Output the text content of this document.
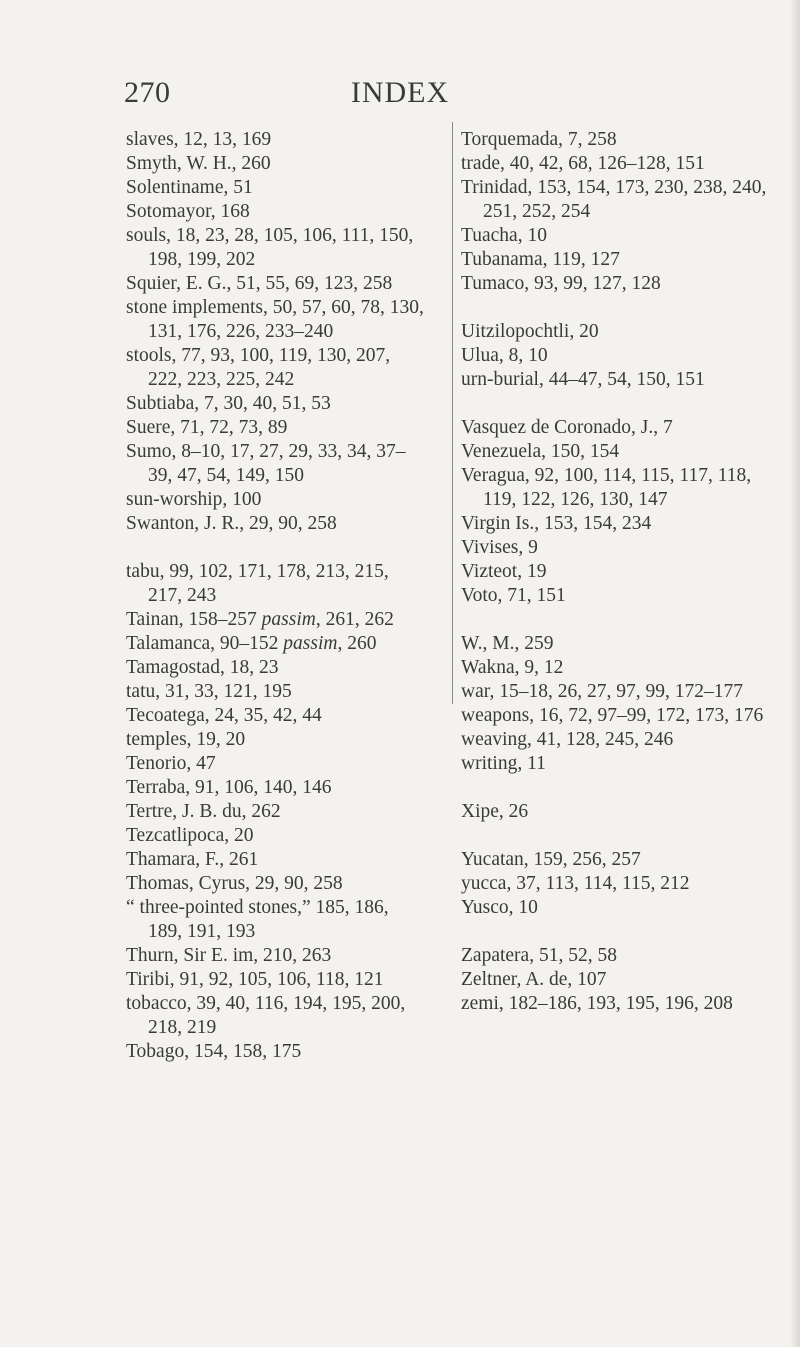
270	INDEX
slaves, 12, 13, 169
Smyth, W. H., 260
Solentiname, 51
Sotomayor, 168
souls, 18, 23, 28, 105, 106, 111, 150, 198, 199, 202
Squier, E. G., 51, 55, 69, 123, 258
stone implements, 50, 57, 60, 78, 130, 131, 176, 226, 233–240
stools, 77, 93, 100, 119, 130, 207, 222, 223, 225, 242
Subtiaba, 7, 30, 40, 51, 53
Suere, 71, 72, 73, 89
Sumo, 8–10, 17, 27, 29, 33, 34, 37–39, 47, 54, 149, 150
sun-worship, 100
Swanton, J. R., 29, 90, 258
tabu, 99, 102, 171, 178, 213, 215, 217, 243
Tainan, 158–257 passim, 261, 262
Talamanca, 90–152 passim, 260
Tamagostad, 18, 23
tatu, 31, 33, 121, 195
Tecoatega, 24, 35, 42, 44
temples, 19, 20
Tenorio, 47
Terraba, 91, 106, 140, 146
Tertre, J. B. du, 262
Tezcatlipoca, 20
Thamara, F., 261
Thomas, Cyrus, 29, 90, 258
“ three-pointed stones,” 185, 186, 189, 191, 193
Thurn, Sir E. im, 210, 263
Tiribi, 91, 92, 105, 106, 118, 121
tobacco, 39, 40, 116, 194, 195, 200, 218, 219
Tobago, 154, 158, 175
Torquemada, 7, 258
trade, 40, 42, 68, 126–128, 151
Trinidad, 153, 154, 173, 230, 238, 240, 251, 252, 254
Tuacha, 10
Tubanama, 119, 127
Tumaco, 93, 99, 127, 128
Uitzilopochtli, 20
Ulua, 8, 10
urn-burial, 44–47, 54, 150, 151
Vasquez de Coronado, J., 7
Venezuela, 150, 154
Veragua, 92, 100, 114, 115, 117, 118, 119, 122, 126, 130, 147
Virgin Is., 153, 154, 234
Vivises, 9
Vizteot, 19
Voto, 71, 151
W., M., 259
Wakna, 9, 12
war, 15–18, 26, 27, 97, 99, 172–177
weapons, 16, 72, 97–99, 172, 173, 176
weaving, 41, 128, 245, 246
writing, 11
Xipe, 26
Yucatan, 159, 256, 257
yucca, 37, 113, 114, 115, 212
Yusco, 10
Zapatera, 51, 52, 58
Zeltner, A. de, 107
zemi, 182–186, 193, 195, 196, 208
